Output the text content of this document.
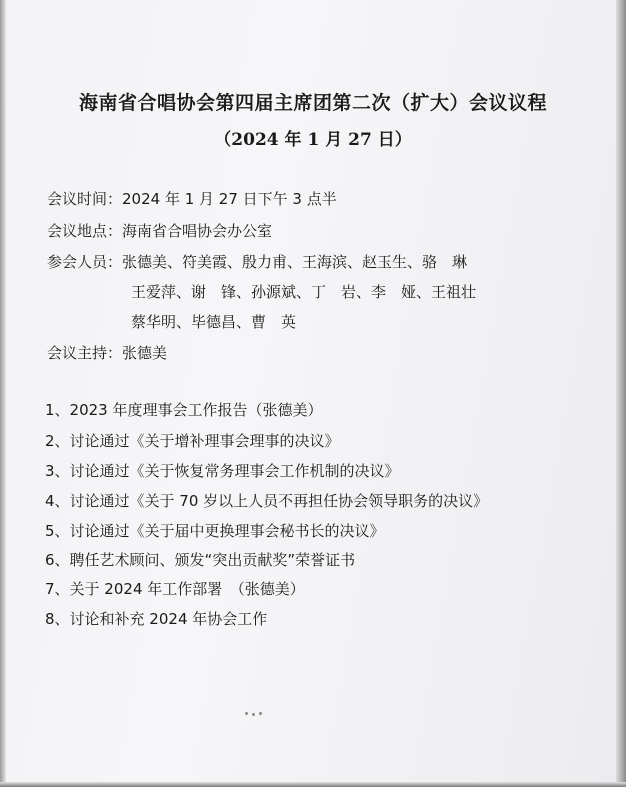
海南省合唱协会第四届主席团第二次（扩大）会议议程
（2024 年 1 月 27 日）
会议时间：2024 年 1 月 27 日下午 3 点半
会议地点：海南省合唱协会办公室
参会人员：张德美、符美霞、殷力甫、王海滨、赵玉生、骆　琳
王爱萍、谢　锋、孙源斌、丁　岩、李　娅、王祖壮
蔡华明、毕德昌、曹　英
会议主持：张德美
1、2023 年度理事会工作报告（张德美）
2、讨论通过《关于增补理事会理事的决议》
3、讨论通过《关于恢复常务理事会工作机制的决议》
4、讨论通过《关于 70 岁以上人员不再担任协会领导职务的决议》
5、讨论通过《关于届中更换理事会秘书长的决议》
6、聘任艺术顾问、颁发“突出贡献奖”荣誉证书
7、关于 2024 年工作部署　（张德美）
8、讨论和补充 2024 年协会工作
